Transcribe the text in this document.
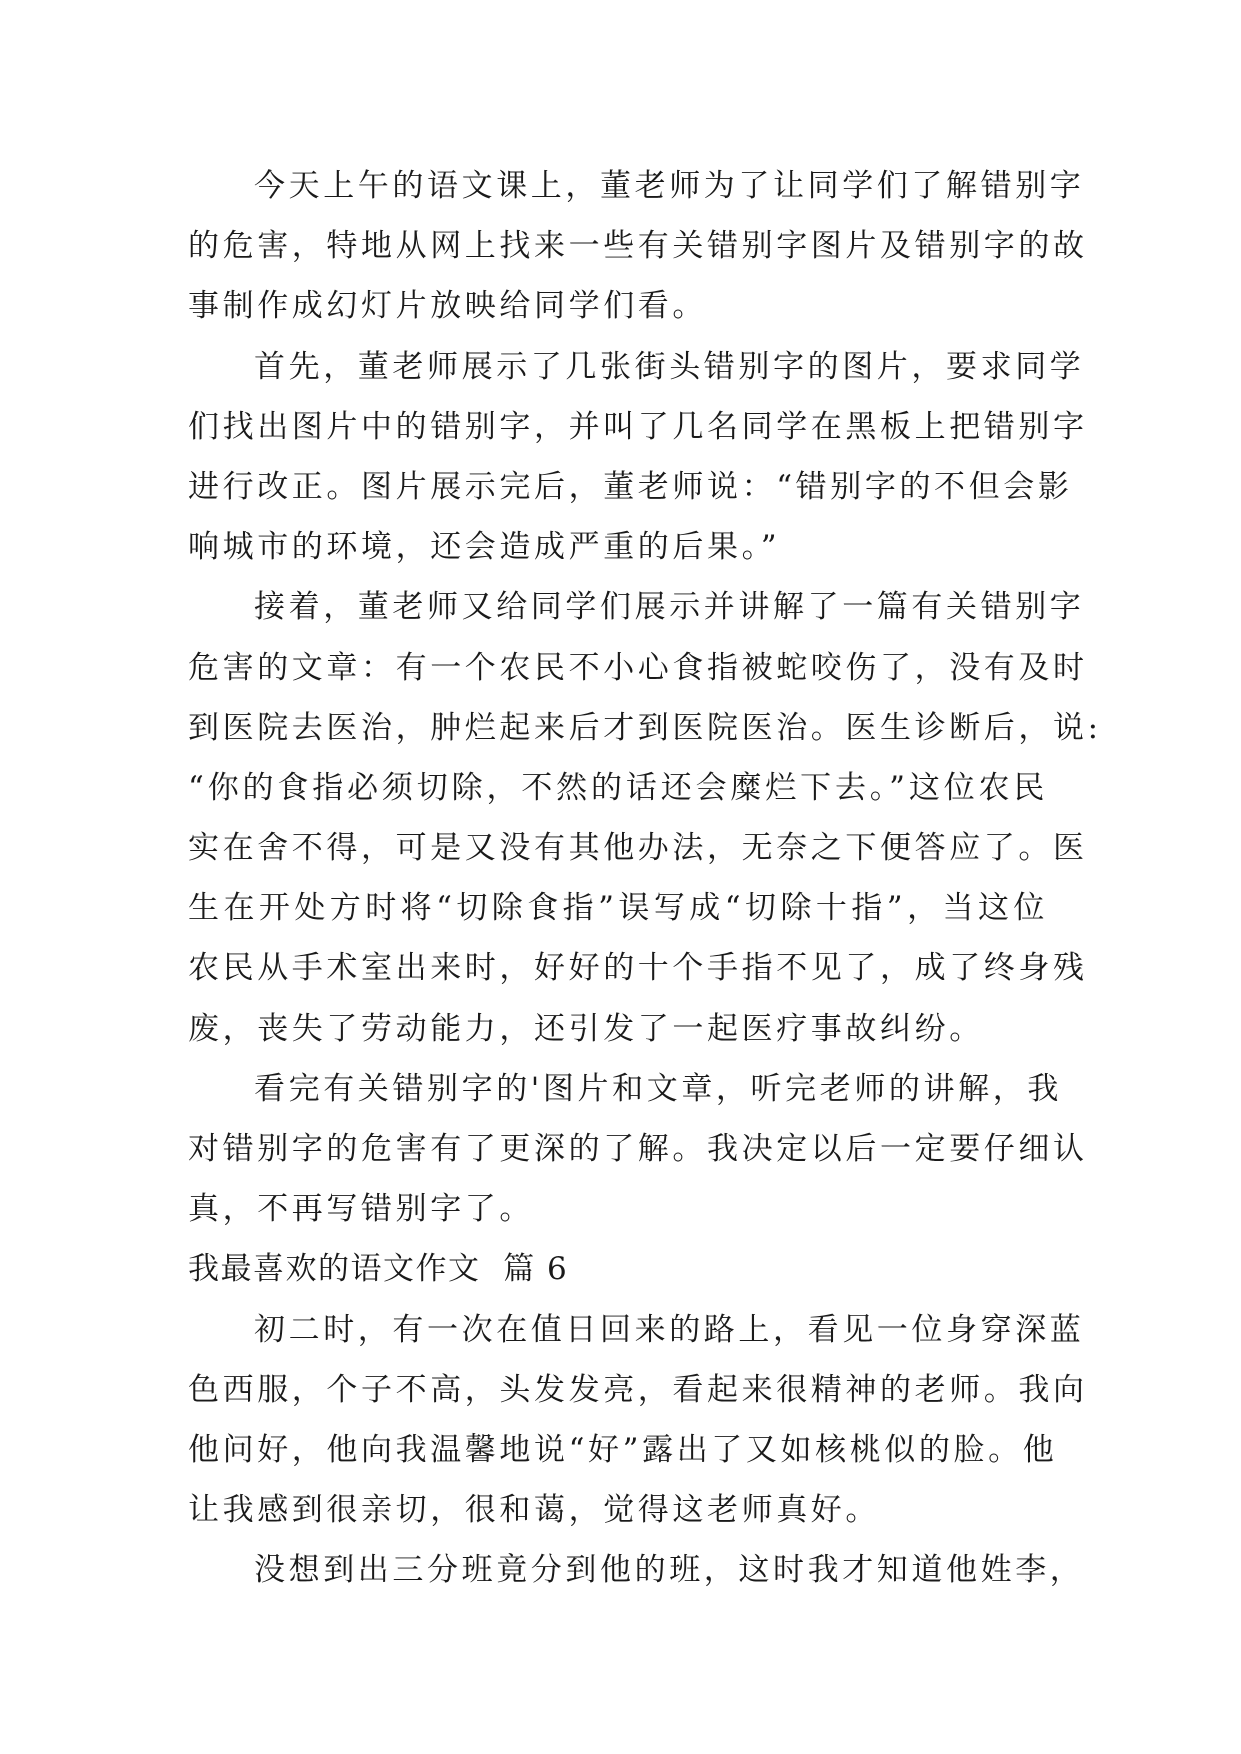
今天上午的语文课上，董老师为了让同学们了解错别字
的危害，特地从网上找来一些有关错别字图片及错别字的故
事制作成幻灯片放映给同学们看。
首先，董老师展示了几张街头错别字的图片，要求同学
们找出图片中的错别字，并叫了几名同学在黑板上把错别字
进行改正。图片展示完后，董老师说：“错别字的不但会影
响城市的环境，还会造成严重的后果。”
接着，董老师又给同学们展示并讲解了一篇有关错别字
危害的文章：有一个农民不小心食指被蛇咬伤了，没有及时
到医院去医治，肿烂起来后才到医院医治。医生诊断后，说:
“你的食指必须切除，不然的话还会糜烂下去。”这位农民
实在舍不得，可是又没有其他办法，无奈之下便答应了。医
生在开处方时将“切除食指”误写成“切除十指”，当这位
农民从手术室出来时，好好的十个手指不见了，成了终身残
废，丧失了劳动能力，还引发了一起医疗事故纠纷。
看完有关错别字的'图片和文章，听完老师的讲解，我
对错别字的危害有了更深的了解。我决定以后一定要仔细认
真，不再写错别字了。
我最喜欢的语文作文  篇 6
初二时，有一次在值日回来的路上，看见一位身穿深蓝
色西服，个子不高，头发发亮，看起来很精神的老师。我向
他问好，他向我温馨地说“好”露出了又如核桃似的脸。他
让我感到很亲切，很和蔼，觉得这老师真好。
没想到出三分班竟分到他的班，这时我才知道他姓李，
